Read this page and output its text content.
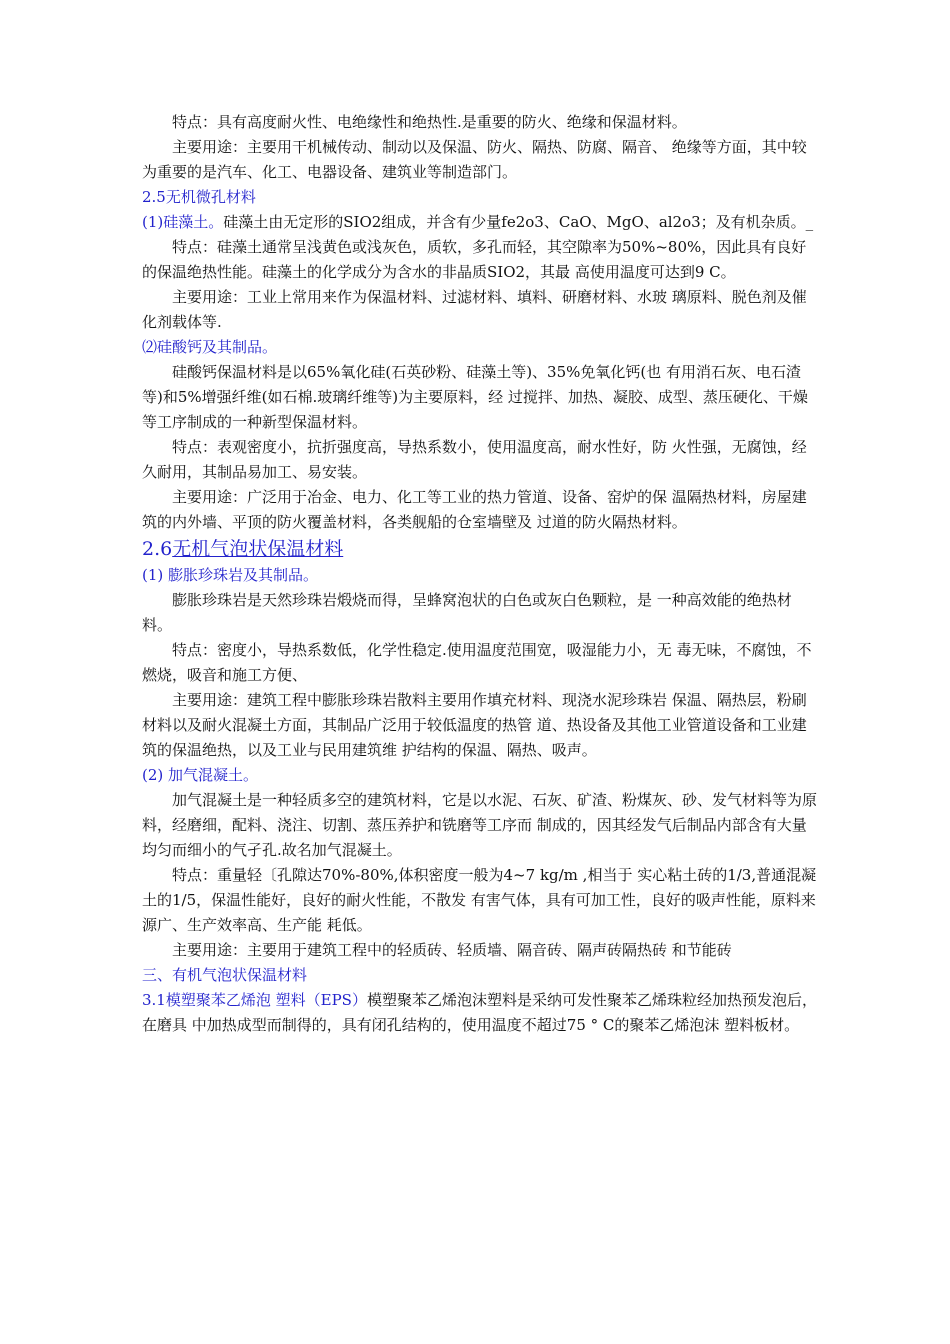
特点：具有高度耐火性、电绝缘性和绝热性.是重要的防火、绝缘和保温材料。

主要用途：主要用干机械传动、制动以及保温、防火、隔热、防腐、隔音、 绝缘等方面，其中较为重要的是汽车、化工、电器设备、建筑业等制造部门。

2.5无机微孔材料

(1)硅藻土。硅藻土由无定形的SIO2组成，并含有少量fe2o3、CaO、MgO、al2o3；及有机杂质。_

特点：硅藻土通常呈浅黄色或浅灰色，质软，多孔而轻，其空隙率为50%~80%，因此具有良好的保温绝热性能。硅藻土的化学成分为含水的非晶质SIO2，其最 高使用温度可达到9 C。

主要用途：工业上常用来作为保温材料、过滤材料、填料、研磨材料、水玻 璃原料、脱色剂及催化剂载体等.

⑵硅酸钙及其制品。

硅酸钙保温材料是以65%氧化硅(石英砂粉、硅藻土等)、35%免氧化钙(也 有用消石灰、电石渣等)和5%增强纤维(如石棉.玻璃纤维等)为主要原料，经 过搅拌、加热、凝胶、成型、蒸压硬化、干燥等工序制成的一种新型保温材料。

特点：表观密度小，抗折强度高，导热系数小，使用温度高，耐水性好，防 火性强，无腐蚀，经久耐用，其制品易加工、易安装。

主要用途：广泛用于冶金、电力、化工等工业的热力管道、设备、窑炉的保 温隔热材料，房屋建筑的内外墙、平顶的防火覆盖材料，各类舰船的仓室墙壁及 过道的防火隔热材料。

2.6无机气泡状保温材料

(1) 膨胀珍珠岩及其制品。

膨胀珍珠岩是天然珍珠岩煅烧而得，呈蜂窝泡状的白色或灰白色颗粒，是 一种高效能的绝热材料。

特点：密度小，导热系数低，化学性稳定.使用温度范围宽，吸湿能力小，无 毒无味，不腐蚀，不燃烧，吸音和施工方便、

主要用途：建筑工程中膨胀珍珠岩散料主要用作填充材料、现浇水泥珍珠岩 保温、隔热层，粉刷材料以及耐火混凝土方面，其制品广泛用于较低温度的热管 道、热设备及其他工业管道设备和工业建筑的保温绝热，以及工业与民用建筑维 护结构的保温、隔热、吸声。

(2) 加气混凝土。

加气混凝土是一种轻质多空的建筑材料，它是以水泥、石灰、矿渣、粉煤灰、砂、发气材料等为原料，经磨细，配料、浇注、切割、蒸压养护和铣磨等工序而 制成的，因其经发气后制品内部含有大量均匀而细小的气孑孔.故名加气混凝土。

特点：重量轻〔孔隙达70%-80%,体积密度一般为4~7 kg/m ,相当于 实心粘土砖的1/3,普通混凝土的1/5，保温性能好，良好的耐火性能，不散发 有害气体，具有可加工性，良好的吸声性能，原料来源广、生产效率高、生产能 耗低。

主要用途：主要用于建筑工程中的轻质砖、轻质墙、隔音砖、隔声砖隔热砖 和节能砖

三、有机气泡状保温材料

3.1模塑聚苯乙烯泡 塑料（EPS）模塑聚苯乙烯泡沫塑料是采纳可发性聚苯乙烯珠粒经加热预发泡后，在磨具 中加热成型而制得的，具有闭孔结构的，使用温度不超过75 ° C的聚苯乙烯泡沫 塑料板材。
